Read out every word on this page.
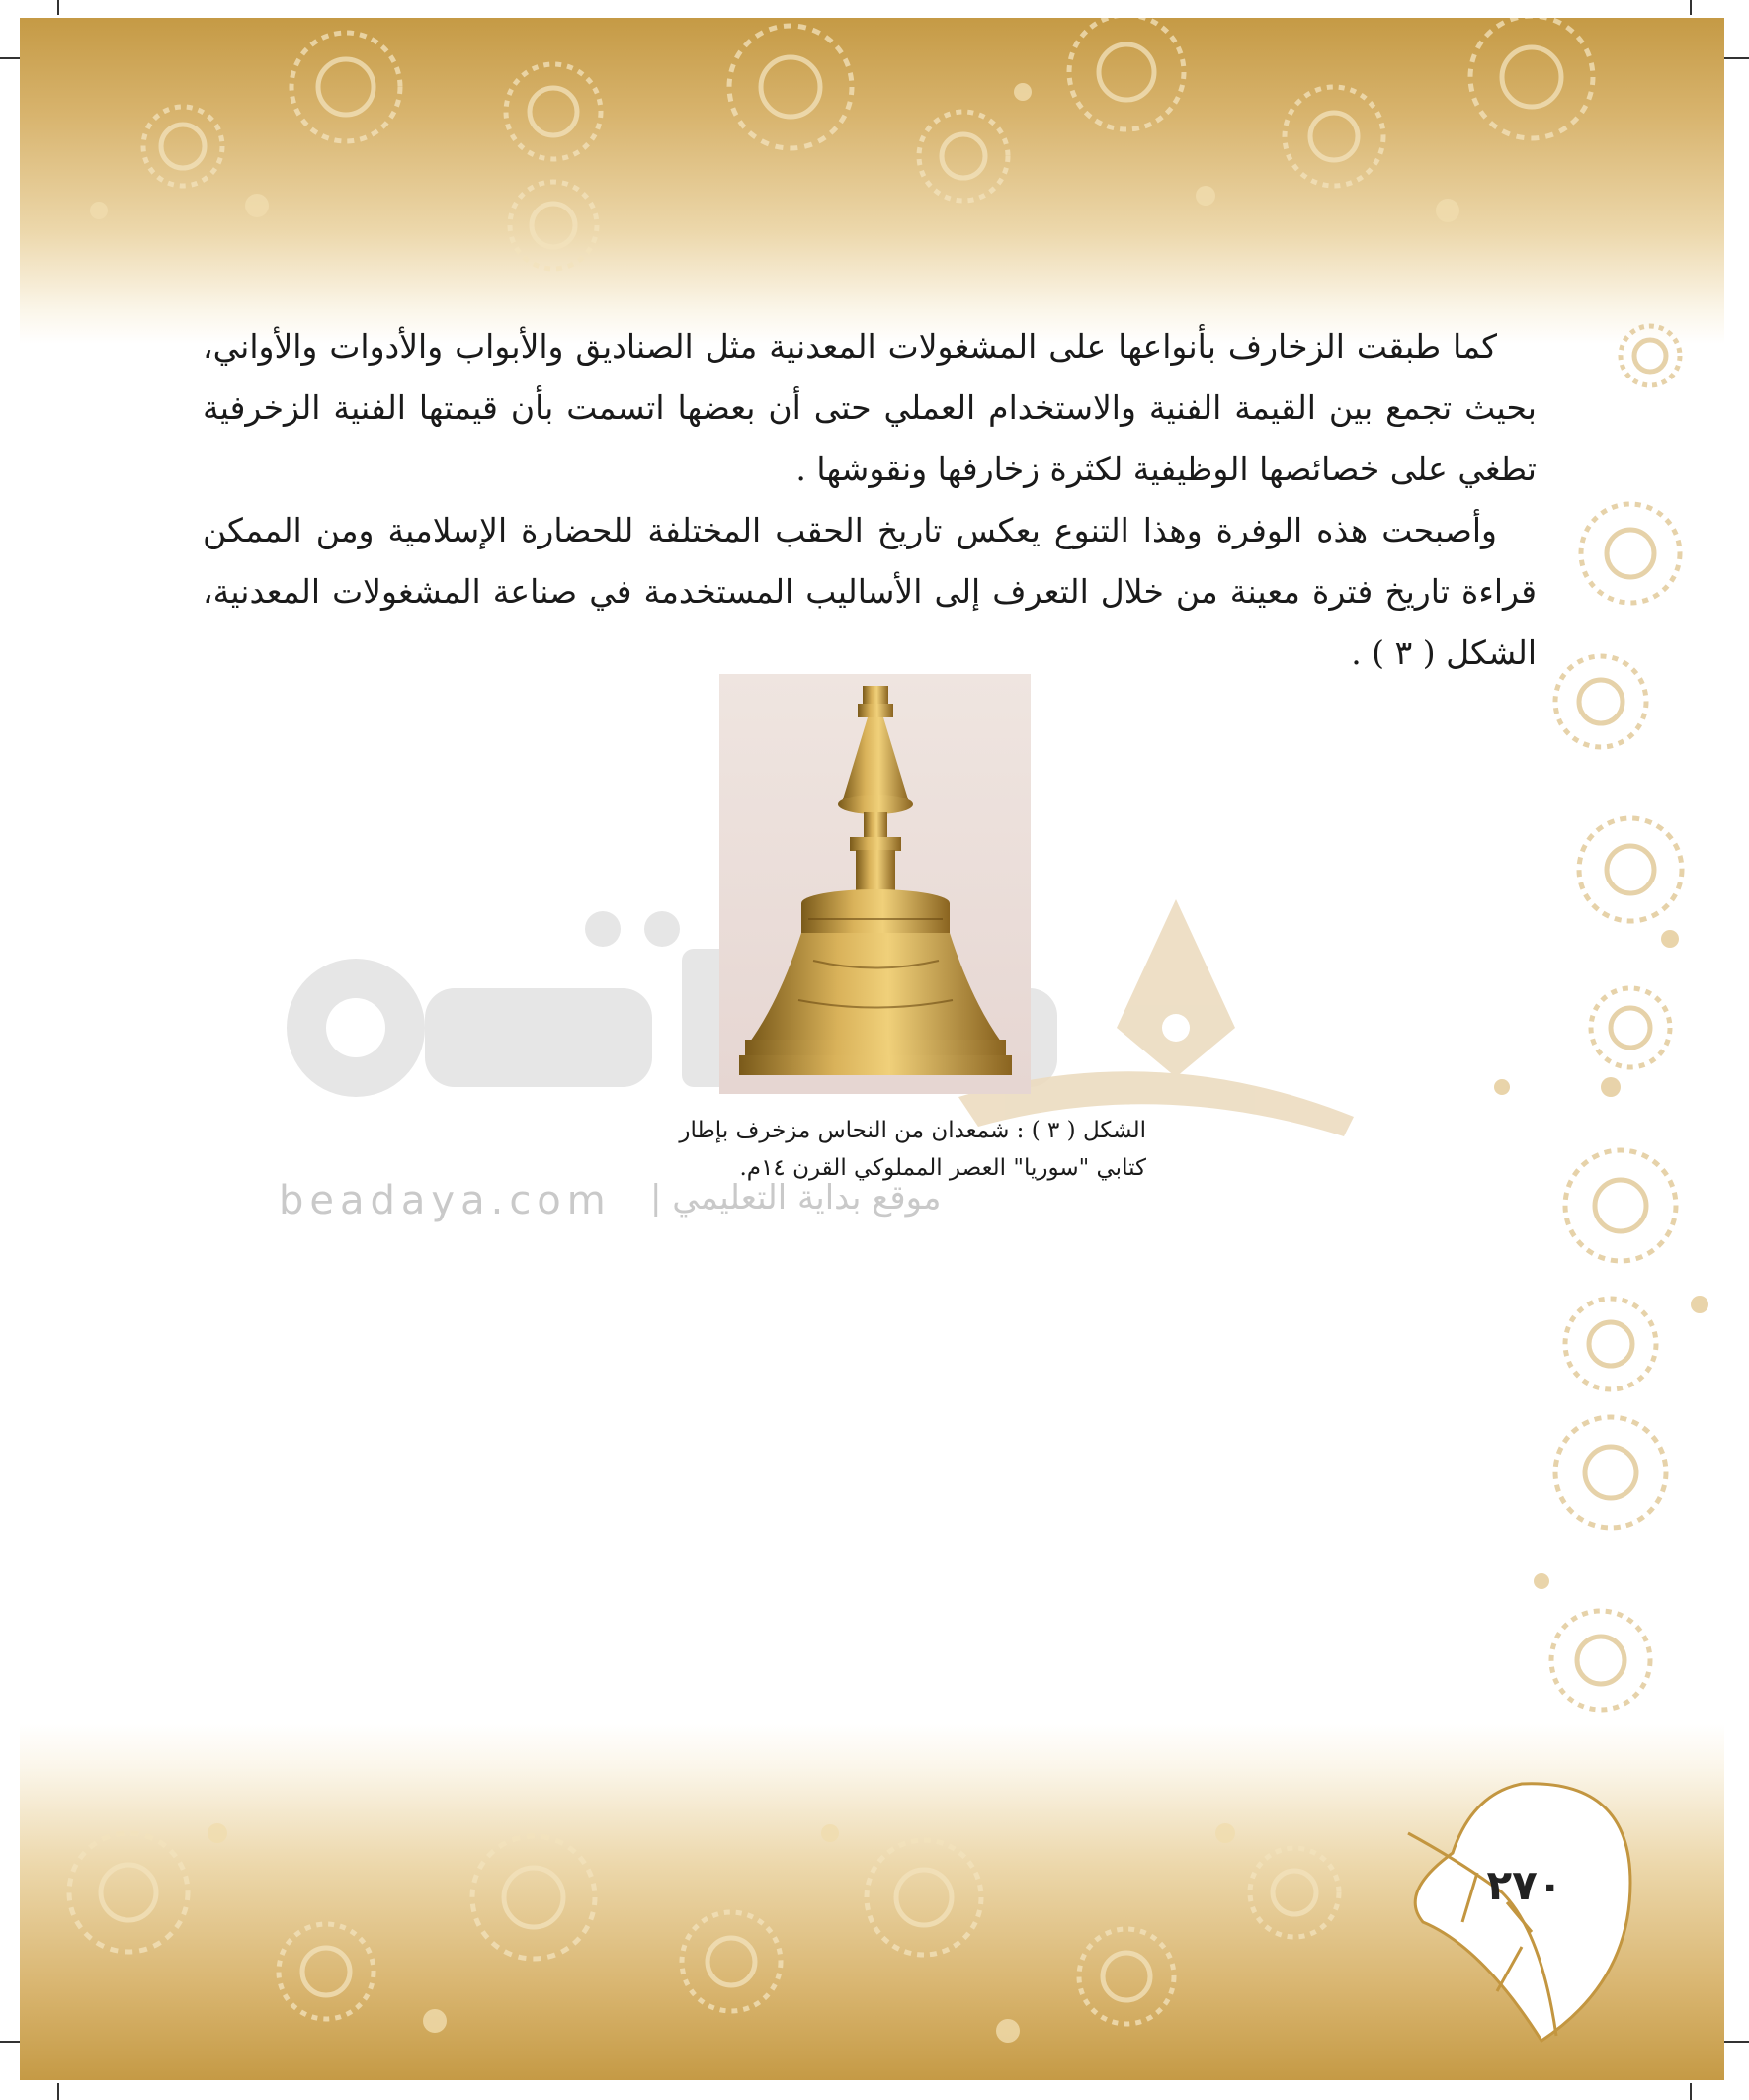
beadaya.com موقع بداية التعليمي |

كما طبقت الزخارف بأنواعها على المشغولات المعدنية مثل الصناديق والأبواب والأدوات والأواني، بحيث تجمع بين القيمة الفنية والاستخدام العملي حتى أن بعضها اتسمت بأن قيمتها الفنية الزخرفية تطغي على خصائصها الوظيفية لكثرة زخارفها ونقوشها .

وأصبحت هذه الوفرة وهذا التنوع يعكس تاريخ الحقب المختلفة للحضارة الإسلامية ومن الممكن قراءة تاريخ فترة معينة من خلال التعرف إلى الأساليب المستخدمة في صناعة المشغولات المعدنية، الشكل ( ٣ ) .

الشكل ( ٣ ) : شمعدان من النحاس مزخرف بإطار
كتابي "سوريا" العصر المملوكي القرن ١٤م.
٢٧٠
